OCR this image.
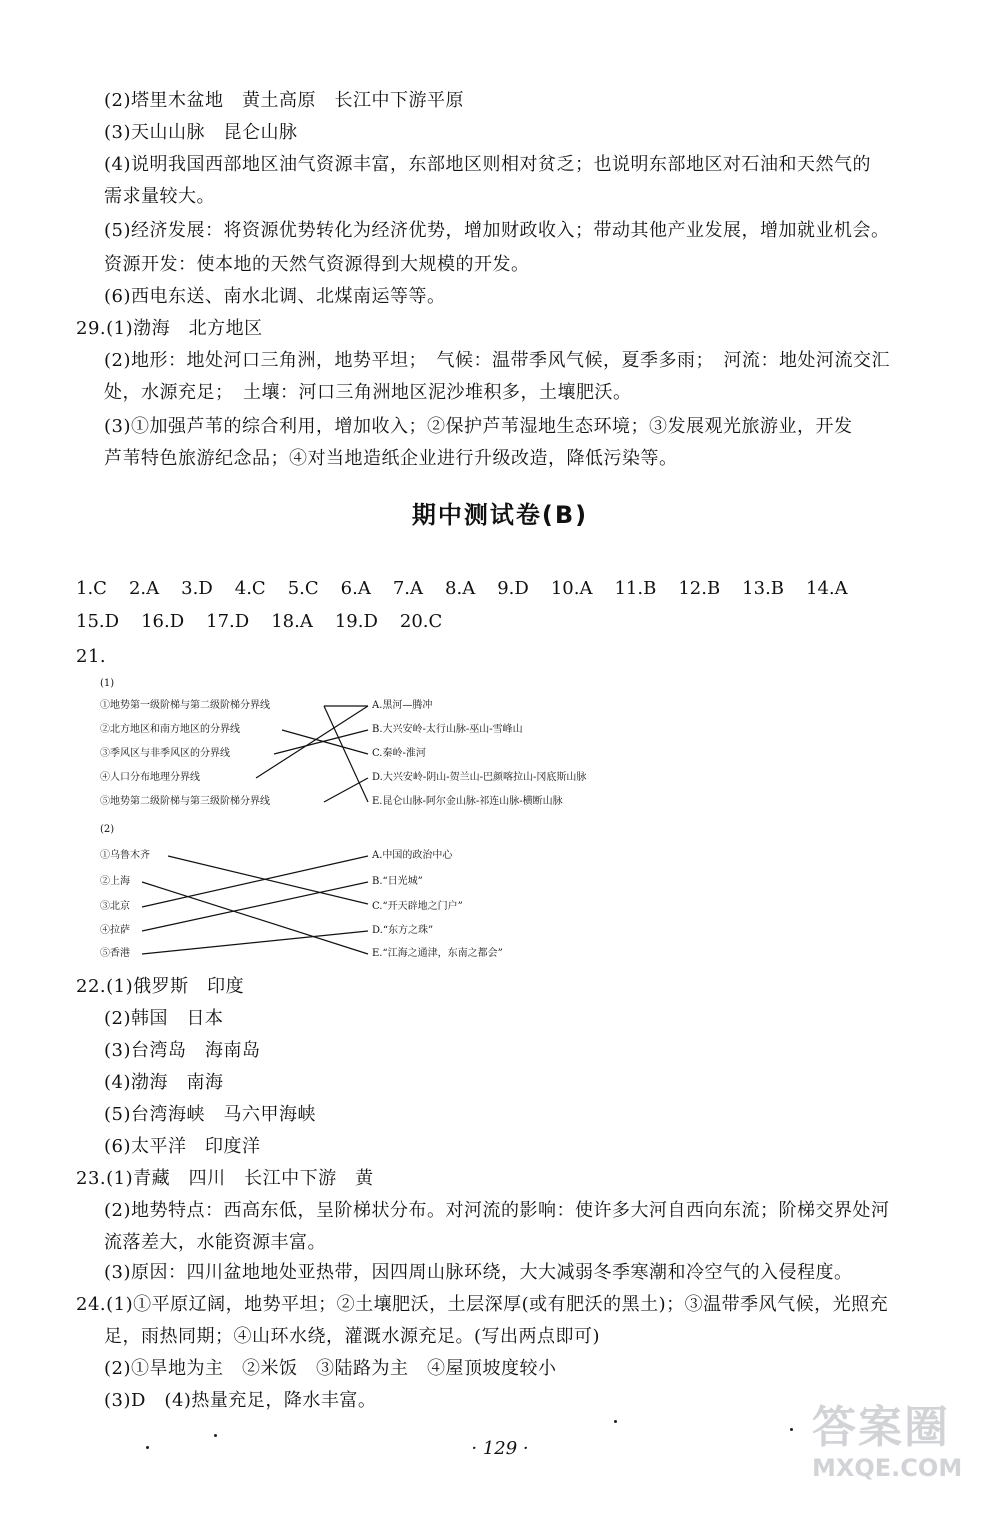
(2)塔里木盆地　黄土高原　长江中下游平原
(3)天山山脉　昆仑山脉
(4)说明我国西部地区油气资源丰富，东部地区则相对贫乏；也说明东部地区对石油和天然气的
需求量较大。
(5)经济发展：将资源优势转化为经济优势，增加财政收入；带动其他产业发展，增加就业机会。
资源开发：使本地的天然气资源得到大规模的开发。
(6)西电东送、南水北调、北煤南运等等。
29.(1)渤海　北方地区
(2)地形：地处河口三角洲，地势平坦；　气候：温带季风气候，夏季多雨；　河流：地处河流交汇
处，水源充足；　土壤：河口三角洲地区泥沙堆积多，土壤肥沃。
(3)①加强芦苇的综合利用，增加收入；②保护芦苇湿地生态环境；③发展观光旅游业，开发
芦苇特色旅游纪念品；④对当地造纸企业进行升级改造，降低污染等。
期中测试卷(B)
1.C 2.A 3.D 4.C 5.C 6.A 7.A 8.A 9.D 10.A 11.B 12.B 13.B 14.A
15.D 16.D 17.D 18.A 19.D 20.C
21.
(1)
①地势第一级阶梯与第二级阶梯分界线
②北方地区和南方地区的分界线
③季风区与非季风区的分界线
④人口分布地理分界线
⑤地势第二级阶梯与第三级阶梯分界线
A.黑河—腾冲
B.大兴安岭-太行山脉-巫山-雪峰山
C.秦岭-淮河
D.大兴安岭-阴山-贺兰山-巴颜喀拉山-冈底斯山脉
E.昆仑山脉-阿尔金山脉-祁连山脉-横断山脉
(2)
①乌鲁木齐
②上海
③北京
④拉萨
⑤香港
A.中国的政治中心
B.“日光城”
C.“开天辟地之门户”
D.“东方之珠”
E.“江海之通津，东南之都会”
22.(1)俄罗斯　印度
(2)韩国　日本
(3)台湾岛　海南岛
(4)渤海　南海
(5)台湾海峡　马六甲海峡
(6)太平洋　印度洋
23.(1)青藏　四川　长江中下游　黄
(2)地势特点：西高东低，呈阶梯状分布。对河流的影响：使许多大河自西向东流；阶梯交界处河
流落差大，水能资源丰富。
(3)原因：四川盆地地处亚热带，因四周山脉环绕，大大减弱冬季寒潮和冷空气的入侵程度。
24.(1)①平原辽阔，地势平坦；②土壤肥沃，土层深厚(或有肥沃的黑土)；③温带季风气候，光照充
足，雨热同期；④山环水绕，灌溉水源充足。(写出两点即可)
(2)①旱地为主　②米饭　③陆路为主　④屋顶坡度较小
(3)D　(4)热量充足，降水丰富。
· 129 ·	答案圈
MXQE.COM
